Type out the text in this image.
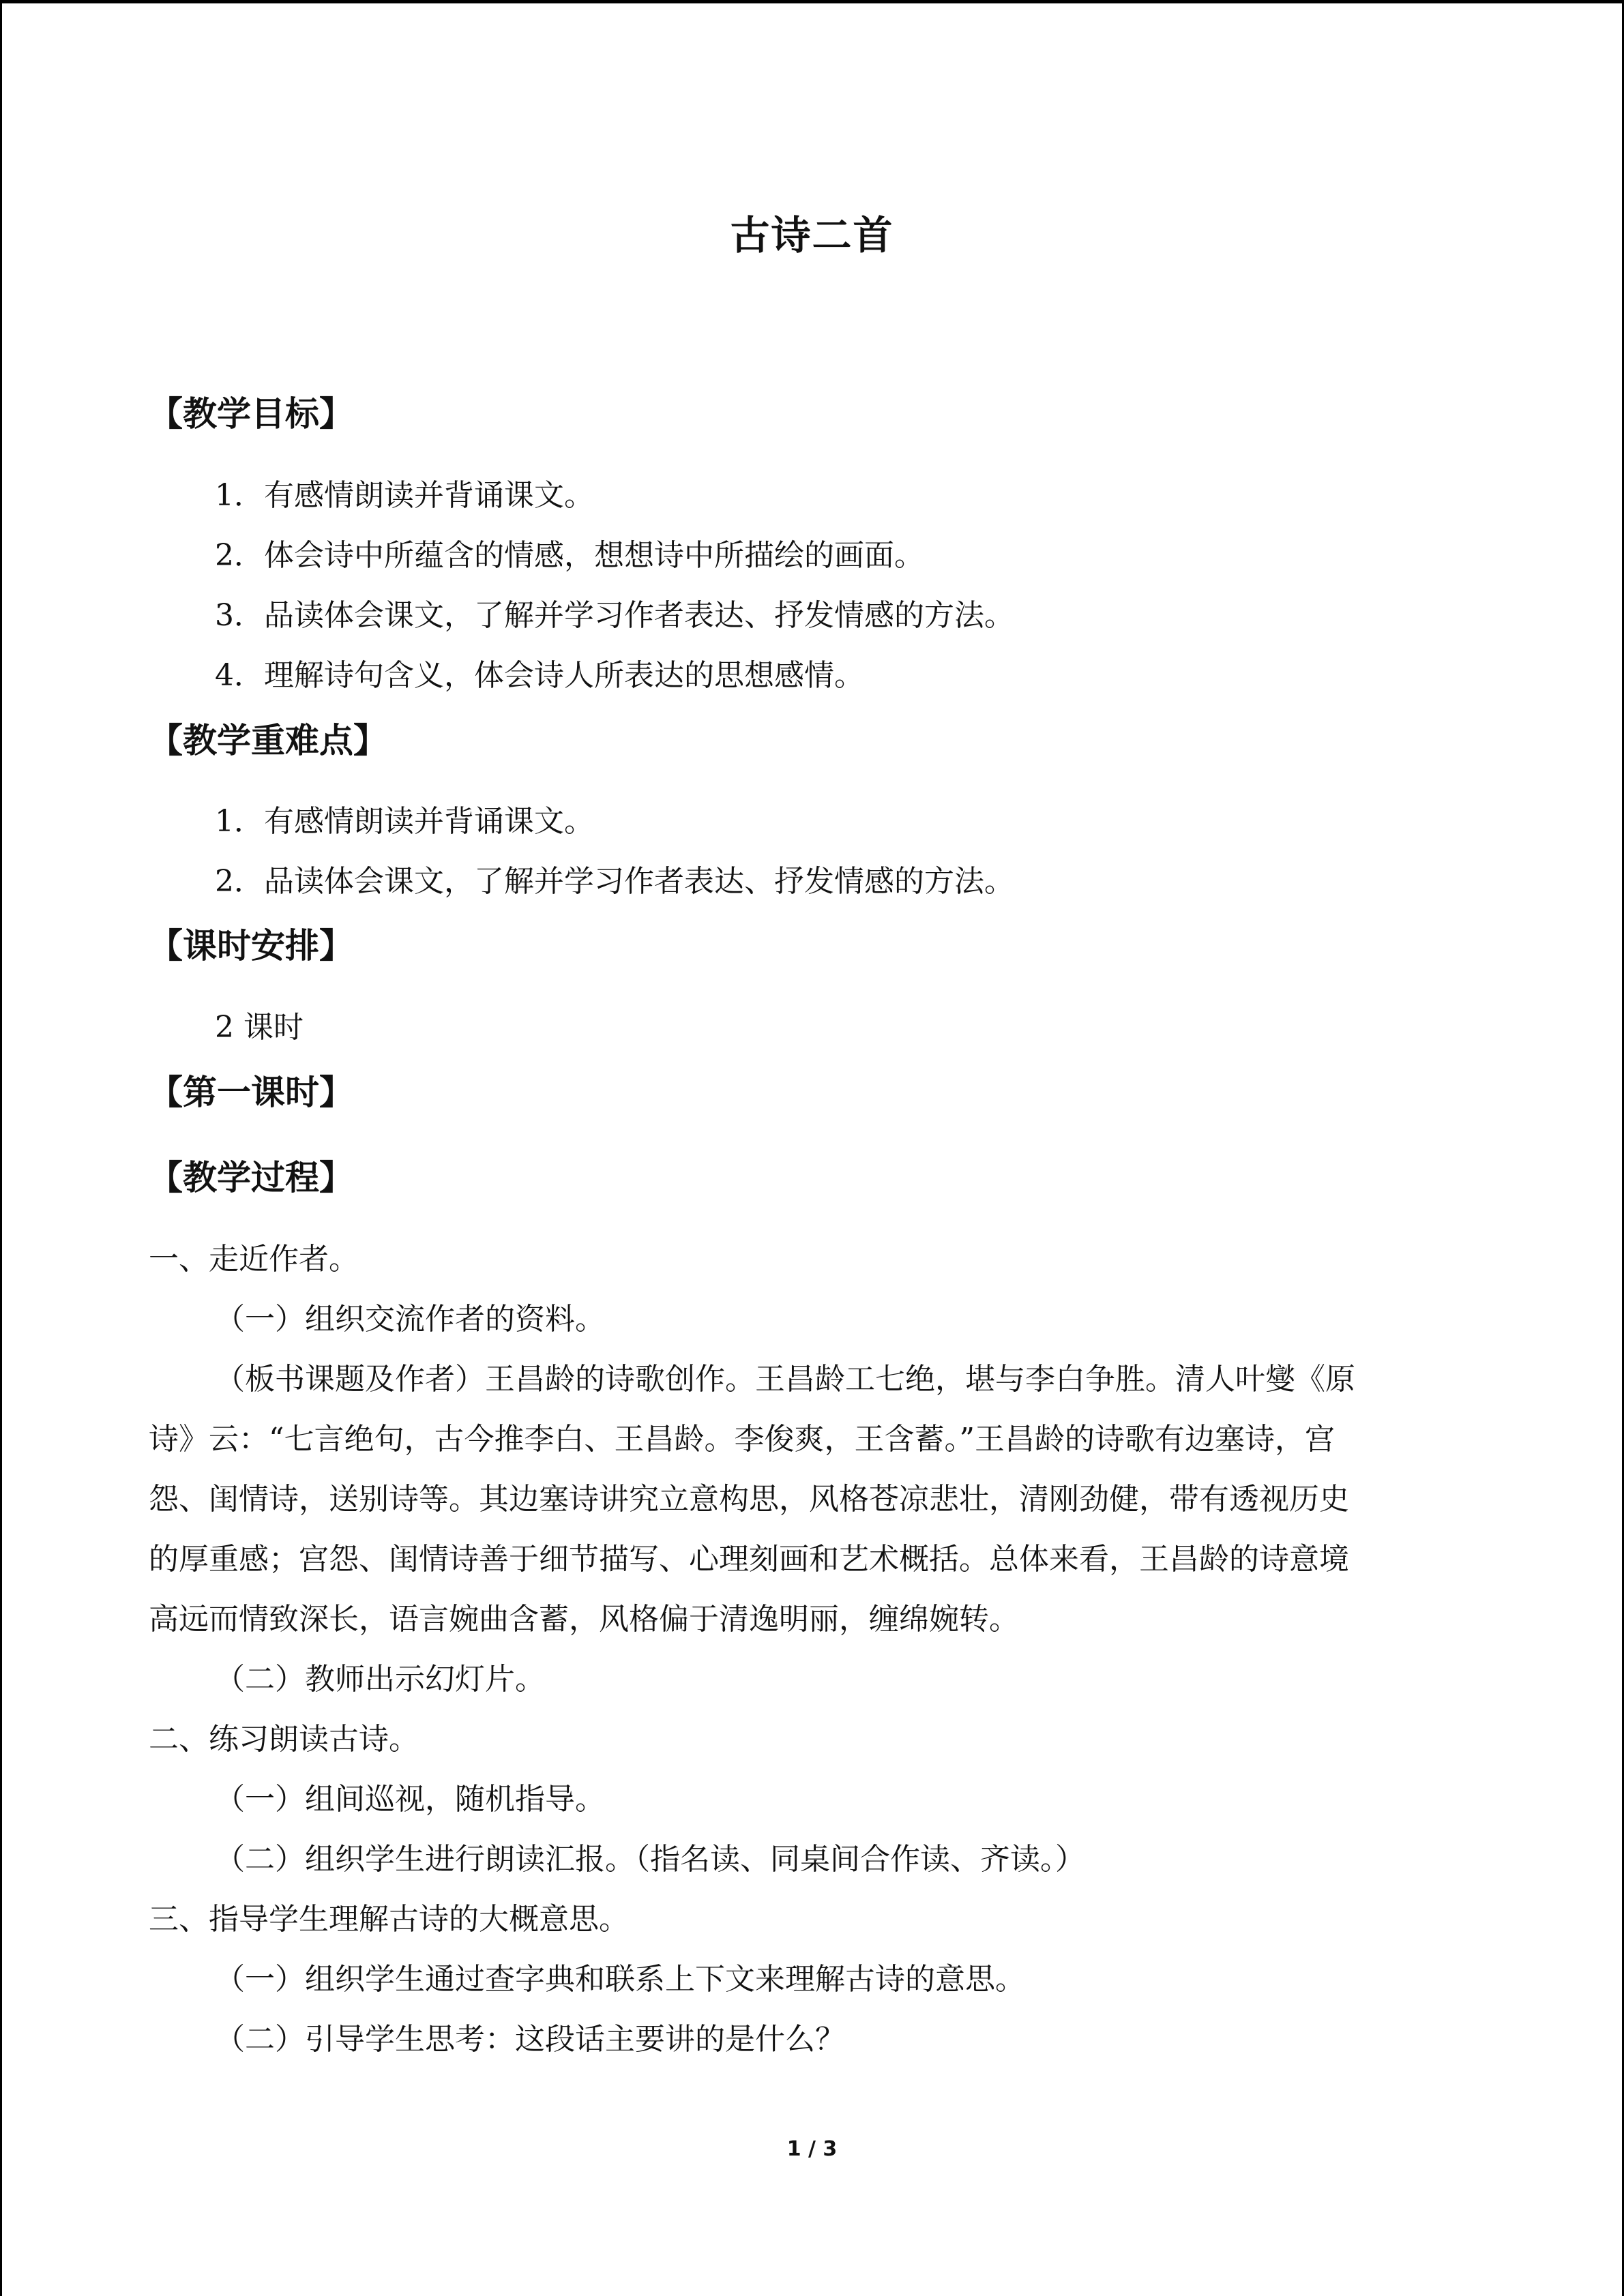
古诗二首
【教学目标】
1．有感情朗读并背诵课文。
2．体会诗中所蕴含的情感，想想诗中所描绘的画面。
3．品读体会课文，了解并学习作者表达、抒发情感的方法。
4．理解诗句含义，体会诗人所表达的思想感情。
【教学重难点】
1．有感情朗读并背诵课文。
2．品读体会课文，了解并学习作者表达、抒发情感的方法。
【课时安排】
2 课时
【第一课时】
【教学过程】
一、走近作者。
（一）组织交流作者的资料。
（板书课题及作者）王昌龄的诗歌创作。王昌龄工七绝，堪与李白争胜。清人叶燮《原
诗》云：“七言绝句，古今推李白、王昌龄。李俊爽，王含蓄。”王昌龄的诗歌有边塞诗，宫
怨、闺情诗，送别诗等。其边塞诗讲究立意构思，风格苍凉悲壮，清刚劲健，带有透视历史
的厚重感；宫怨、闺情诗善于细节描写、心理刻画和艺术概括。总体来看，王昌龄的诗意境
高远而情致深长，语言婉曲含蓄，风格偏于清逸明丽，缠绵婉转。
（二）教师出示幻灯片。
二、练习朗读古诗。
（一）组间巡视，随机指导。
（二）组织学生进行朗读汇报。（指名读、同桌间合作读、齐读。）
三、指导学生理解古诗的大概意思。
（一）组织学生通过查字典和联系上下文来理解古诗的意思。
（二）引导学生思考：这段话主要讲的是什么？
1 / 3
